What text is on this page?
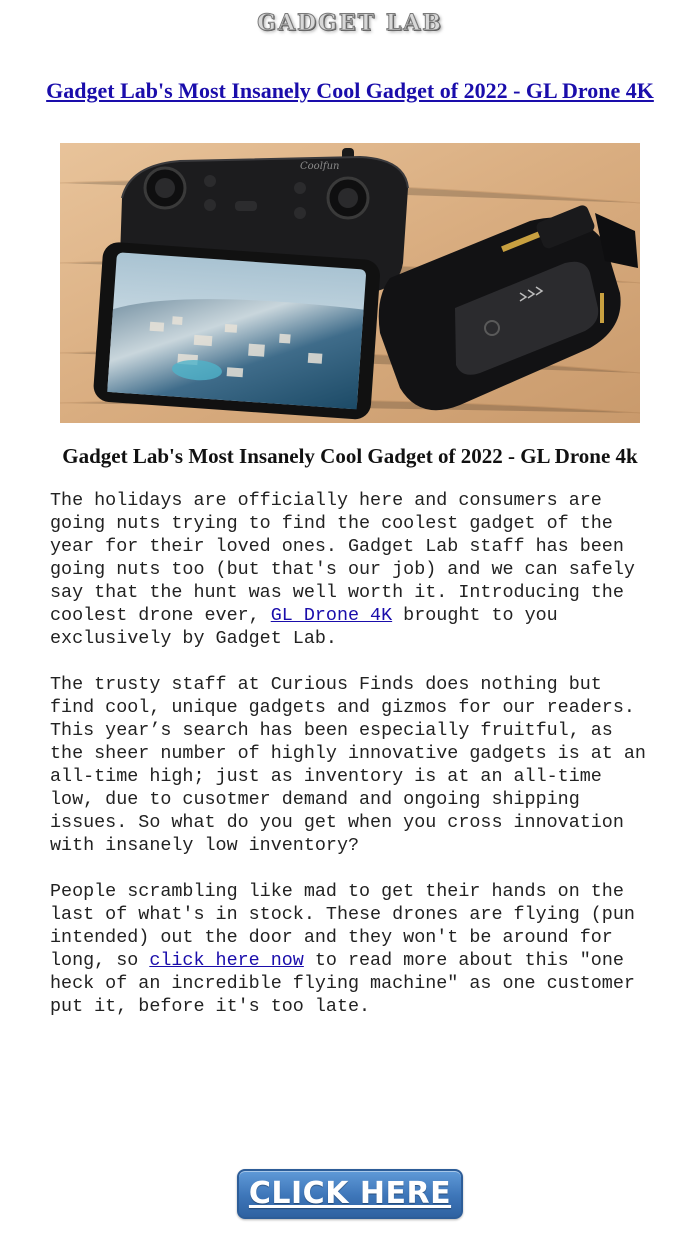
GADGET LAB
Gadget Lab's Most Insanely Cool Gadget of 2022 - GL Drone 4K
Coolfun
Gadget Lab's Most Insanely Cool Gadget of 2022 - GL Drone 4k

The holidays are officially here and consumers are going nuts trying to find the coolest gadget of the year for their loved ones. Gadget Lab staff has been going nuts too (but that's our job) and we can safely say that the hunt was well worth it. Introducing the coolest drone ever, GL Drone 4K brought to you exclusively by Gadget Lab.

The trusty staff at Curious Finds does nothing but find cool, unique gadgets and gizmos for our readers. This year’s search has been especially fruitful, as the sheer number of highly innovative gadgets is at an all-time high; just as inventory is at an all-time low, due to cusotmer demand and ongoing shipping issues. So what do you get when you cross innovation with insanely low inventory?

People scrambling like mad to get their hands on the last of what's in stock. These drones are flying (pun intended) out the door and they won't be around for long, so click here now to read more about this "one heck of an incredible flying machine" as one customer put it, before it's too late.

CLICK HERE
